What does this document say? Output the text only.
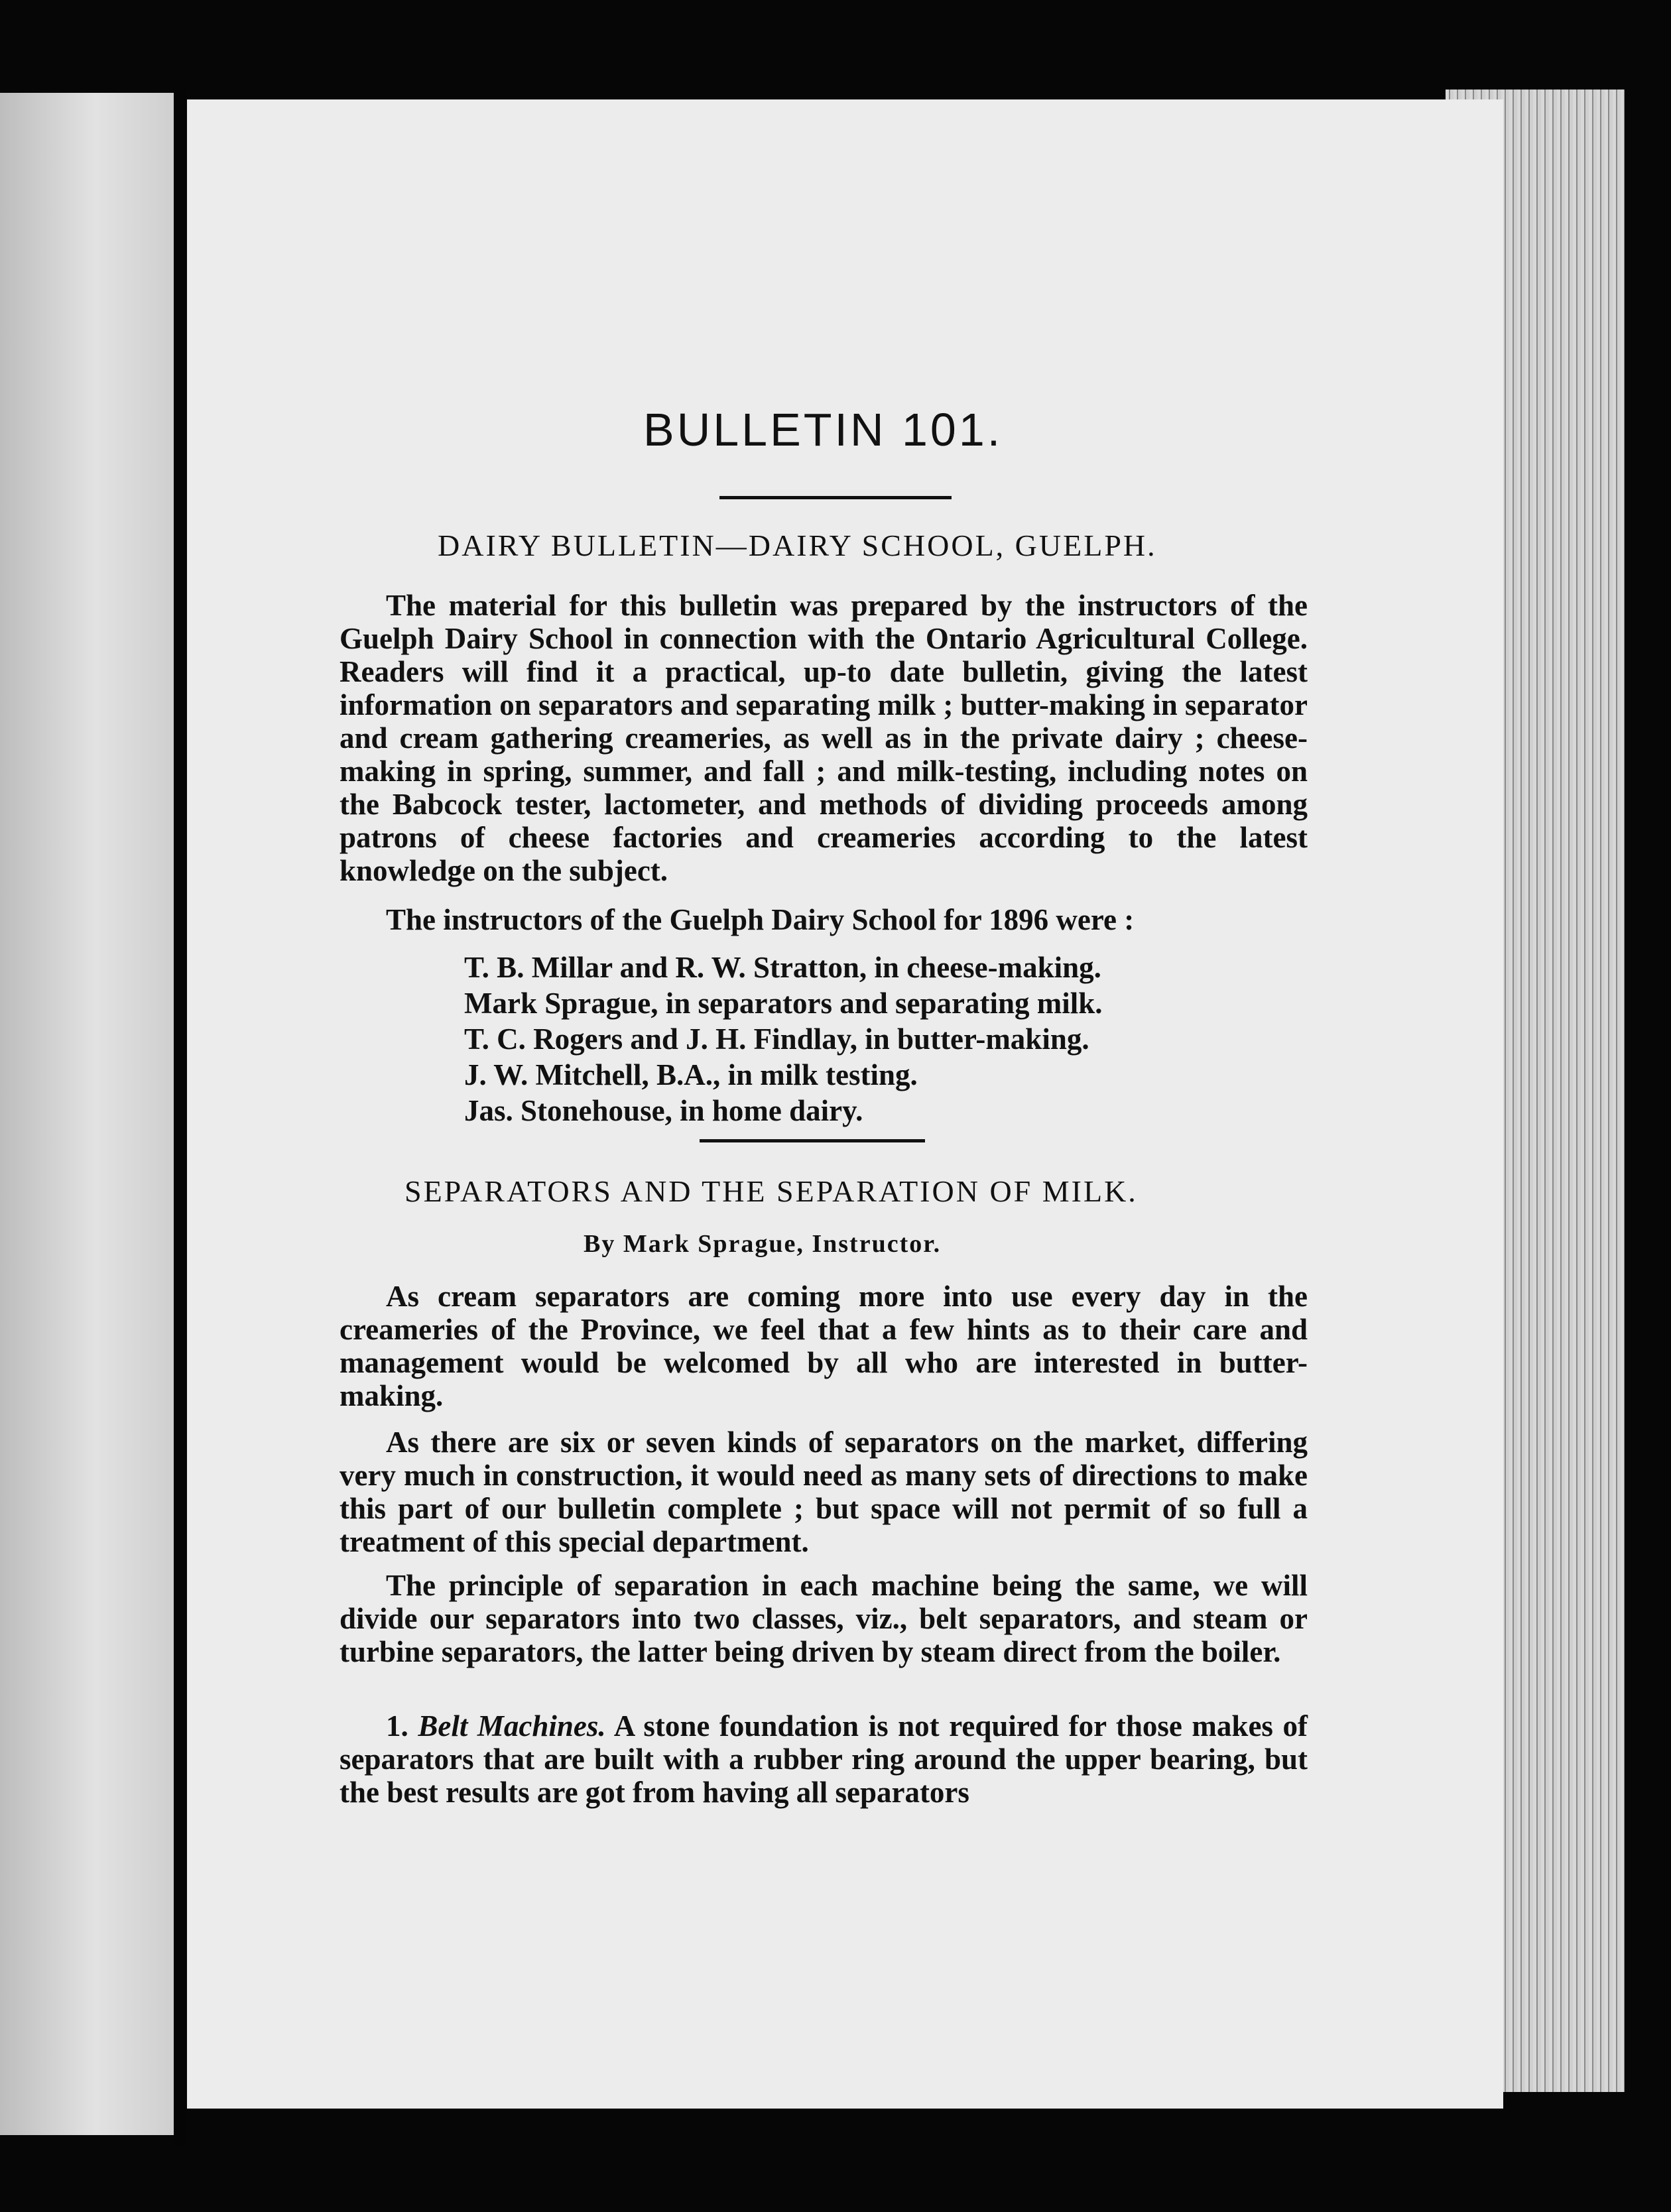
BULLETIN 101.
DAIRY BULLETIN—DAIRY SCHOOL, GUELPH.
The material for this bulletin was prepared by the instructors of the Guelph Dairy School in connection with the Ontario Agricultural College. Readers will find it a practical, up-to date bulletin, giving the latest information on separators and separating milk ; butter-making in separator and cream gathering creameries, as well as in the private dairy ; cheese-making in spring, summer, and fall ; and milk-testing, including notes on the Babcock tester, lactometer, and methods of dividing proceeds among patrons of cheese factories and creameries according to the latest knowledge on the subject.
The instructors of the Guelph Dairy School for 1896 were :
T. B. Millar and R. W. Stratton, in cheese-making.
Mark Sprague, in separators and separating milk.
T. C. Rogers and J. H. Findlay, in butter-making.
J. W. Mitchell, B.A., in milk testing.
Jas. Stonehouse, in home dairy.
SEPARATORS AND THE SEPARATION OF MILK.
By Mark Sprague, Instructor.
As cream separators are coming more into use every day in the creameries of the Province, we feel that a few hints as to their care and management would be welcomed by all who are interested in butter-making.
As there are six or seven kinds of separators on the market, differing very much in construction, it would need as many sets of directions to make this part of our bulletin complete ; but space will not permit of so full a treatment of this special department.
The principle of separation in each machine being the same, we will divide our separators into two classes, viz., belt separators, and steam or turbine separators, the latter being driven by steam direct from the boiler.
1. Belt Machines. A stone foundation is not required for those makes of separators that are built with a rubber ring around the upper bearing, but the best results are got from having all separators
